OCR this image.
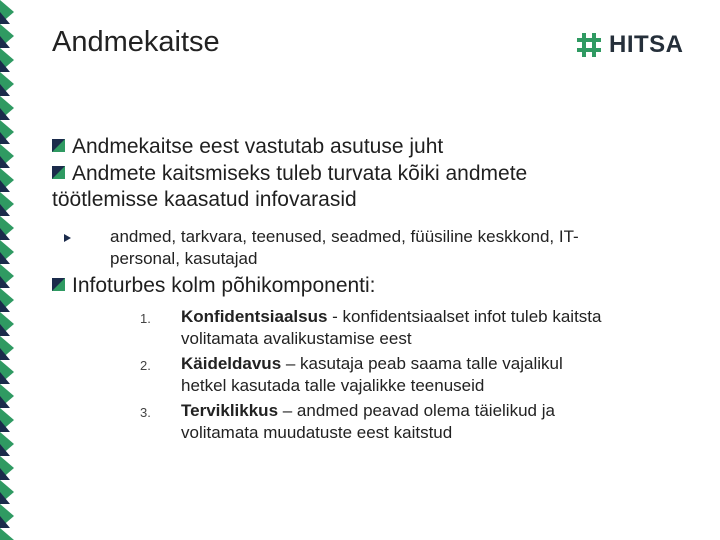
Andmekaitse	HITSA
Andmekaitse eest vastutab asutuse juht
Andmete kaitsmiseks tuleb turvata kõiki andmete
töötlemisse kaasatud infovarasid
andmed, tarkvara, teenused, seadmed, füüsiline keskkond, IT-
personal, kasutajad
Infoturbes kolm põhikomponenti:
1. Konfidentsiaalsus - konfidentsiaalset infot tuleb kaitsta
volitamata avalikustamise eest
2. Käideldavus – kasutaja peab saama talle vajalikul
hetkel kasutada talle vajalikke teenuseid
3. Terviklikkus – andmed peavad olema täielikud ja
volitamata muudatuste eest kaitstud
